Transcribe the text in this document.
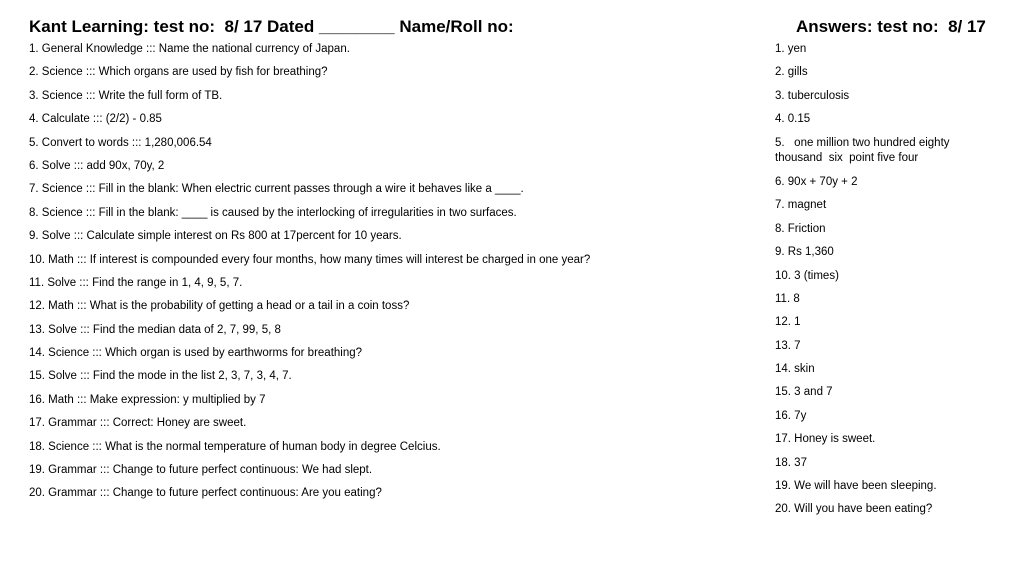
Kant Learning: test no:  8/ 17 Dated ________ Name/Roll no:	Answers: test no:  8/ 17
1. General Knowledge ::: Name the national currency of Japan.
2. Science ::: Which organs are used by fish for breathing?
3. Science ::: Write the full form of TB.
4. Calculate ::: (2/2) - 0.85
5. Convert to words ::: 1,280,006.54
6. Solve ::: add 90x, 70y, 2
7. Science ::: Fill in the blank: When electric current passes through a wire it behaves like a ____.
8. Science ::: Fill in the blank: ____ is caused by the interlocking of irregularities in two surfaces.
9. Solve ::: Calculate simple interest on Rs 800 at 17percent for 10 years.
10. Math ::: If interest is compounded every four months, how many times will interest be charged in one year?
11. Solve ::: Find the range in 1, 4, 9, 5, 7.
12. Math ::: What is the probability of getting a head or a tail in a coin toss?
13. Solve ::: Find the median data of 2, 7, 99, 5, 8
14. Science ::: Which organ is used by earthworms for breathing?
15. Solve ::: Find the mode in the list 2, 3, 7, 3, 4, 7.
16. Math ::: Make expression: y multiplied by 7
17. Grammar ::: Correct: Honey are sweet.
18. Science ::: What is the normal temperature of human body in degree Celcius.
19. Grammar ::: Change to future perfect continuous: We had slept.
20. Grammar ::: Change to future perfect continuous: Are you eating?
1. yen
2. gills
3. tuberculosis
4. 0.15
5.   one million two hundred eighty thousand  six  point five four
6. 90x + 70y + 2
7. magnet
8. Friction
9. Rs 1,360
10. 3 (times)
11. 8
12. 1
13. 7
14. skin
15. 3 and 7
16. 7y
17. Honey is sweet.
18. 37
19. We will have been sleeping.
20. Will you have been eating?
